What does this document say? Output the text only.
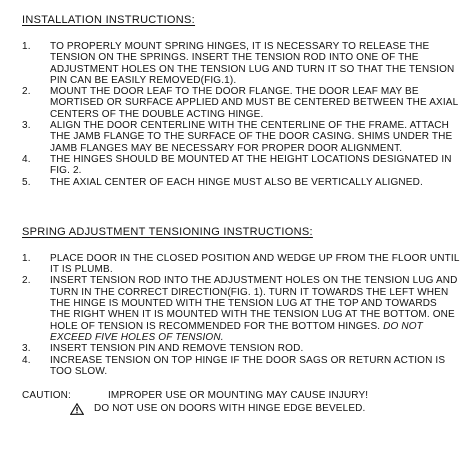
INSTALLATION INSTRUCTIONS:
1. TO PROPERLY MOUNT SPRING HINGES, IT IS NECESSARY TO RELEASE THE TENSION ON THE SPRINGS. INSERT THE TENSION ROD INTO ONE OF THE ADJUSTMENT HOLES ON THE TENSION LUG AND TURN IT SO THAT THE TENSION PIN CAN BE EASILY REMOVED(FIG.1).
2. MOUNT THE DOOR LEAF TO THE DOOR FLANGE. THE DOOR LEAF MAY BE MORTISED OR SURFACE APPLIED AND MUST BE CENTERED BETWEEN THE AXIAL CENTERS OF THE DOUBLE ACTING HINGE.
3. ALIGN THE DOOR CENTERLINE WITH THE CENTERLINE OF THE FRAME. ATTACH THE JAMB FLANGE TO THE SURFACE OF THE DOOR CASING. SHIMS UNDER THE JAMB FLANGES MAY BE NECESSARY FOR PROPER DOOR ALIGNMENT.
4. THE HINGES SHOULD BE MOUNTED AT THE HEIGHT LOCATIONS DESIGNATED IN FIG. 2.
5. THE AXIAL CENTER OF EACH HINGE MUST ALSO BE VERTICALLY ALIGNED.
SPRING ADJUSTMENT TENSIONING INSTRUCTIONS:
1. PLACE DOOR IN THE CLOSED POSITION AND WEDGE UP FROM THE FLOOR UNTIL IT IS PLUMB.
2. INSERT TENSION ROD INTO THE ADJUSTMENT HOLES ON THE TENSION LUG AND TURN IN THE CORRECT DIRECTION(FIG. 1). TURN IT TOWARDS THE LEFT WHEN THE HINGE IS MOUNTED WITH THE TENSION LUG AT THE TOP AND TOWARDS THE RIGHT WHEN IT IS MOUNTED WITH THE TENSION LUG AT THE BOTTOM. ONE HOLE OF TENSION IS RECOMMENDED FOR THE BOTTOM HINGES. DO NOT EXCEED FIVE HOLES OF TENSION.
3. INSERT TENSION PIN AND REMOVE TENSION ROD.
4. INCREASE TENSION ON TOP HINGE IF THE DOOR SAGS OR RETURN ACTION IS TOO SLOW.
CAUTION:	IMPROPER USE OR MOUNTING MAY CAUSE INJURY!
DO NOT USE ON DOORS WITH HINGE EDGE BEVELED.
